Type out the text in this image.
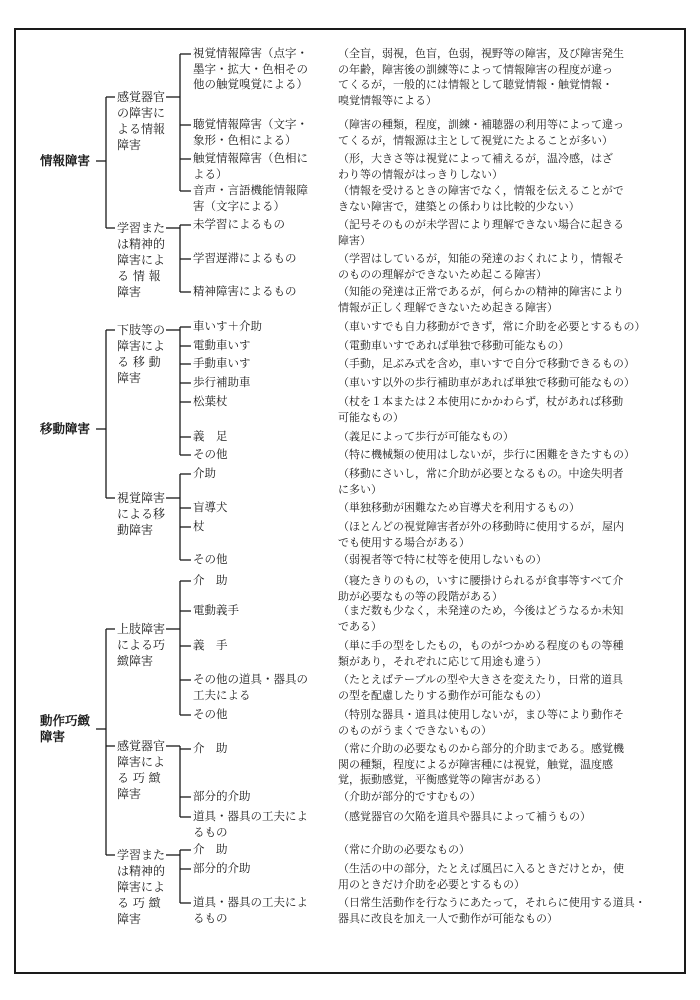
情報障害
感覚器官
の障害に
よる情報
障害
視覚情報障害（点字・
墨字・拡大・色相その
他の触覚嗅覚による）
（全盲，弱視，色盲，色弱，視野等の障害，及び障害発生
の年齢，障害後の訓練等によって情報障害の程度が違っ
てくるが，一般的には情報として聴覚情報・触覚情報・
嗅覚情報等による）
聴覚情報障害（文字・
象形・色相による）
（障害の種類，程度，訓練・補聴器の利用等によって違っ
てくるが，情報源は主として視覚にたよることが多い）
触覚情報障害（色相に
よる）
（形，大きさ等は視覚によって補えるが，温冷感，はざ
わり等の情報がはっきりしない）
音声・言語機能情報障
害（文字による）
（情報を受けるときの障害でなく，情報を伝えることがで
きない障害で，建築との係わりは比較的少ない）
学習また
は精神的
障害によ
る 情 報
障害
未学習によるもの	（記号そのものが未学習により理解できない場合に起きる
障害）
学習遅滞によるもの	（学習はしているが，知能の発達のおくれにより，情報そ
のものの理解ができないため起こる障害）
精神障害によるもの	（知能の発達は正常であるが，何らかの精神的障害により
情報が正しく理解できないため起きる障害）
移動障害
下肢等の
障害によ
る 移 動
障害
車いす＋介助	（車いすでも自力移動ができず，常に介助を必要とするもの）
電動車いす	（電動車いすであれば単独で移動可能なもの）
手動車いす	（手動，足ぶみ式を含め，車いすで自分で移動できるもの）
歩行補助車	（車いす以外の歩行補助車があれば単独で移動可能なもの）
松葉杖	（杖を１本または２本使用にかかわらず，杖があれば移動
可能なもの）
義　足	（義足によって歩行が可能なもの）
その他	（特に機械類の使用はしないが，歩行に困難をきたすもの）
視覚障害
による移
動障害
介助	（移動にさいし，常に介助が必要となるもの。中途失明者
に多い）
盲導犬	（単独移動が困難なため盲導犬を利用するもの）
杖	（ほとんどの視覚障害者が外の移動時に使用するが，屋内
でも使用する場合がある）
その他	（弱視者等で特に杖等を使用しないもの）
動作巧緻
障害
上肢障害
による巧
緻障害
介　助	（寝たきりのもの，いすに腰掛けられるが食事等すべて介
助が必要なもの等の段階がある）
電動義手	（まだ数も少なく，未発達のため，今後はどうなるか未知
である）
義　手	（単に手の型をしたもの，ものがつかめる程度のもの等種
類があり，それぞれに応じて用途も違う）
その他の道具・器具の
工夫による
（たとえばテーブルの型や大きさを変えたり，日常的道具
の型を配慮したりする動作が可能なもの）
その他	（特別な器具・道具は使用しないが，まひ等により動作そ
のものがうまくできないもの）
感覚器官
障害によ
る 巧 緻
障害
介　助	（常に介助の必要なものから部分的介助まである。感覚機
関の種類，程度によるが障害種には視覚，触覚，温度感
覚，振動感覚，平衡感覚等の障害がある）
部分的介助	（介助が部分的ですむもの）
道具・器具の工夫によ
るもの
（感覚器官の欠陥を道具や器具によって補うもの）
学習また
は精神的
障害によ
る 巧 緻
障害
介　助	（常に介助の必要なもの）
部分的介助	（生活の中の部分，たとえば風呂に入るときだけとか，使
用のときだけ介助を必要とするもの）
道具・器具の工夫によ
るもの
（日常生活動作を行なうにあたって，それらに使用する道具・
器具に改良を加え一人で動作が可能なもの）
